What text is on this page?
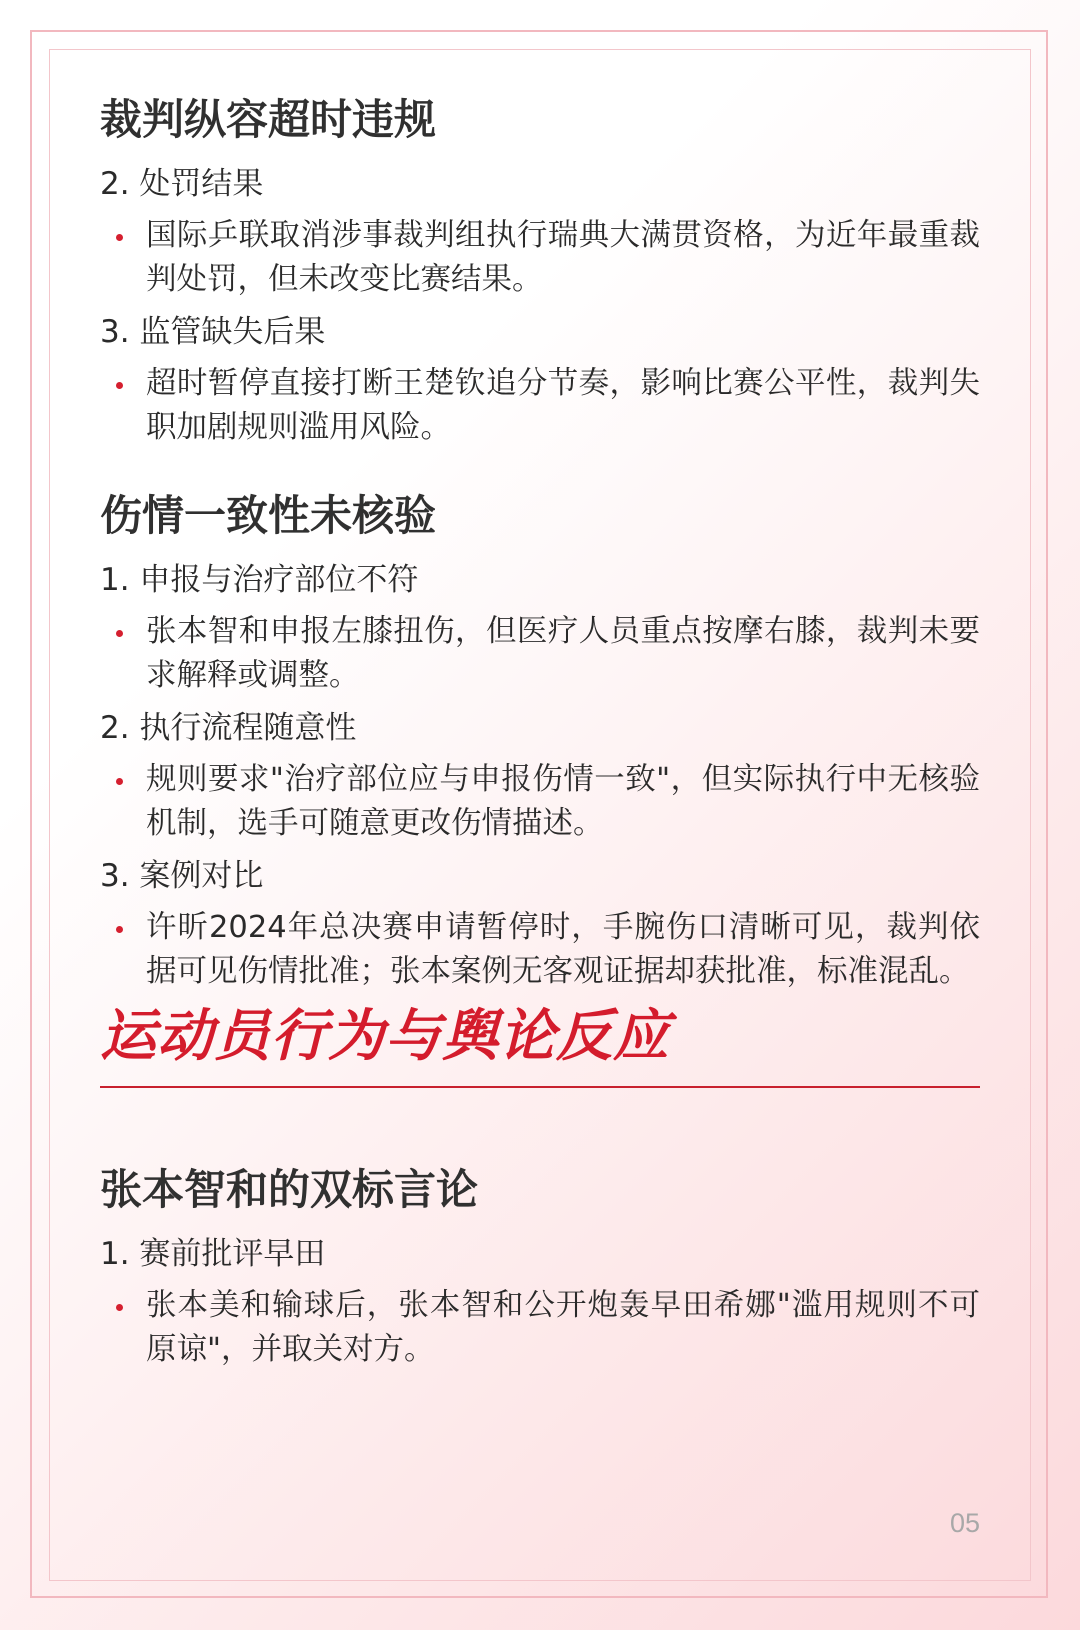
裁判纵容超时违规
2. 处罚结果
国际乒联取消涉事裁判组执行瑞典大满贯资格，为近年最重裁判处罚，但未改变比赛结果。
3. 监管缺失后果
超时暂停直接打断王楚钦追分节奏，影响比赛公平性，裁判失职加剧规则滥用风险。
伤情一致性未核验
1. 申报与治疗部位不符
张本智和申报左膝扭伤，但医疗人员重点按摩右膝，裁判未要求解释或调整。
2. 执行流程随意性
规则要求"治疗部位应与申报伤情一致"，但实际执行中无核验机制，选手可随意更改伤情描述。
3. 案例对比
许昕2024年总决赛申请暂停时，手腕伤口清晰可见，裁判依据可见伤情批准；张本案例无客观证据却获批准，标准混乱。
运动员行为与舆论反应
张本智和的双标言论
1. 赛前批评早田
张本美和输球后，张本智和公开炮轰早田希娜"滥用规则不可原谅"，并取关对方。
05
